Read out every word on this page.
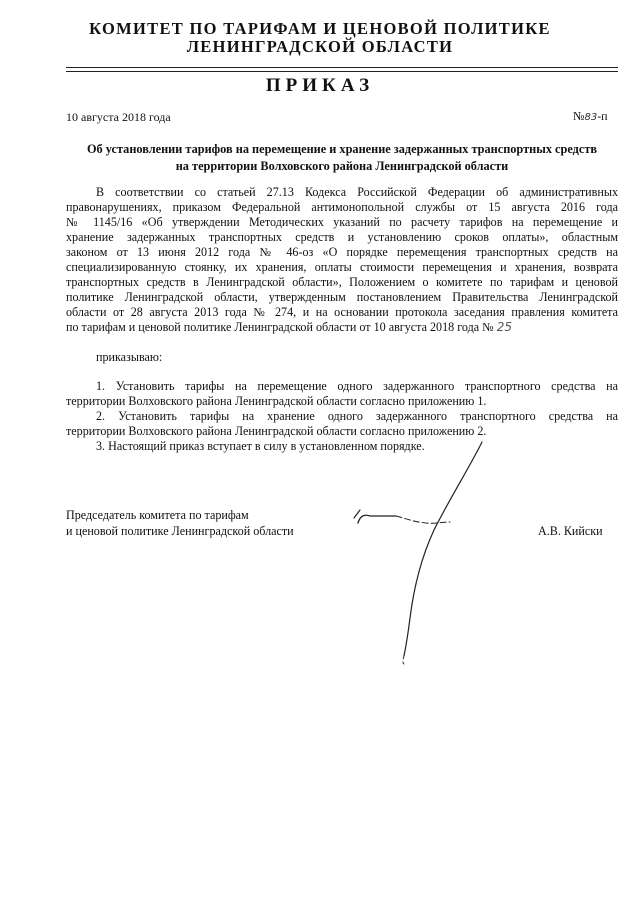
КОМИТЕТ ПО ТАРИФАМ И ЦЕНОВОЙ ПОЛИТИКЕ
ЛЕНИНГРАДСКОЙ ОБЛАСТИ
ПРИКАЗ
10 августа 2018 года	№83-п
Об установлении тарифов на перемещение и хранение задержанных транспортных средств
на территории Волховского района Ленинградской области
В соответствии со статьей 27.13 Кодекса Российской Федерации об административных
правонарушениях, приказом Федеральной антимонопольной службы от 15 августа 2016 года
№ 1145/16 «Об утверждении Методических указаний по расчету тарифов на перемещение и
хранение задержанных транспортных средств и установлению сроков оплаты», областным
законом от 13 июня 2012 года № 46-оз «О порядке перемещения транспортных средств на
специализированную стоянку, их хранения, оплаты стоимости перемещения и хранения, возврата
транспортных средств в Ленинградской области», Положением о комитете по тарифам и ценовой
политике Ленинградской области, утвержденным постановлением Правительства Ленинградской
области от 28 августа 2013 года № 274, и на основании протокола заседания правления комитета
по тарифам и ценовой политике Ленинградской области от 10 августа 2018 года № 25
приказываю:
1. Установить тарифы на перемещение одного задержанного транспортного средства на
территории Волховского района Ленинградской области согласно приложению 1.
2. Установить тарифы на хранение одного задержанного транспортного средства на
территории Волховского района Ленинградской области согласно приложению 2.
3. Настоящий приказ вступает в силу в установленном порядке.
Председатель комитета по тарифам
и ценовой политике Ленинградской области	А.В. Кийски
